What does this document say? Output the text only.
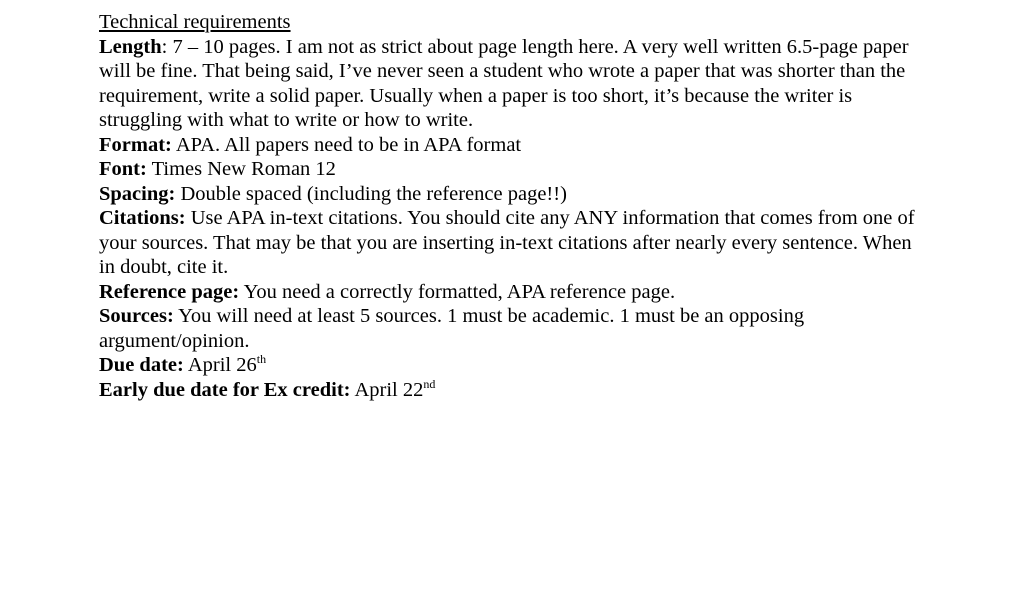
Technical requirements

Length: 7 – 10 pages. I am not as strict about page length here. A very well written 6.5-page paper will be fine. That being said, I’ve never seen a student who wrote a paper that was shorter than the requirement, write a solid paper. Usually when a paper is too short, it’s because the writer is struggling with what to write or how to write.

Format: APA. All papers need to be in APA format

Font: Times New Roman 12

Spacing: Double spaced (including the reference page!!)

Citations: Use APA in-text citations. You should cite any ANY information that comes from one of your sources. That may be that you are inserting in-text citations after nearly every sentence. When in doubt, cite it.

Reference page: You need a correctly formatted, APA reference page.

Sources: You will need at least 5 sources. 1 must be academic. 1 must be an opposing argument/opinion.

Due date: April 26th

Early due date for Ex credit: April 22nd
